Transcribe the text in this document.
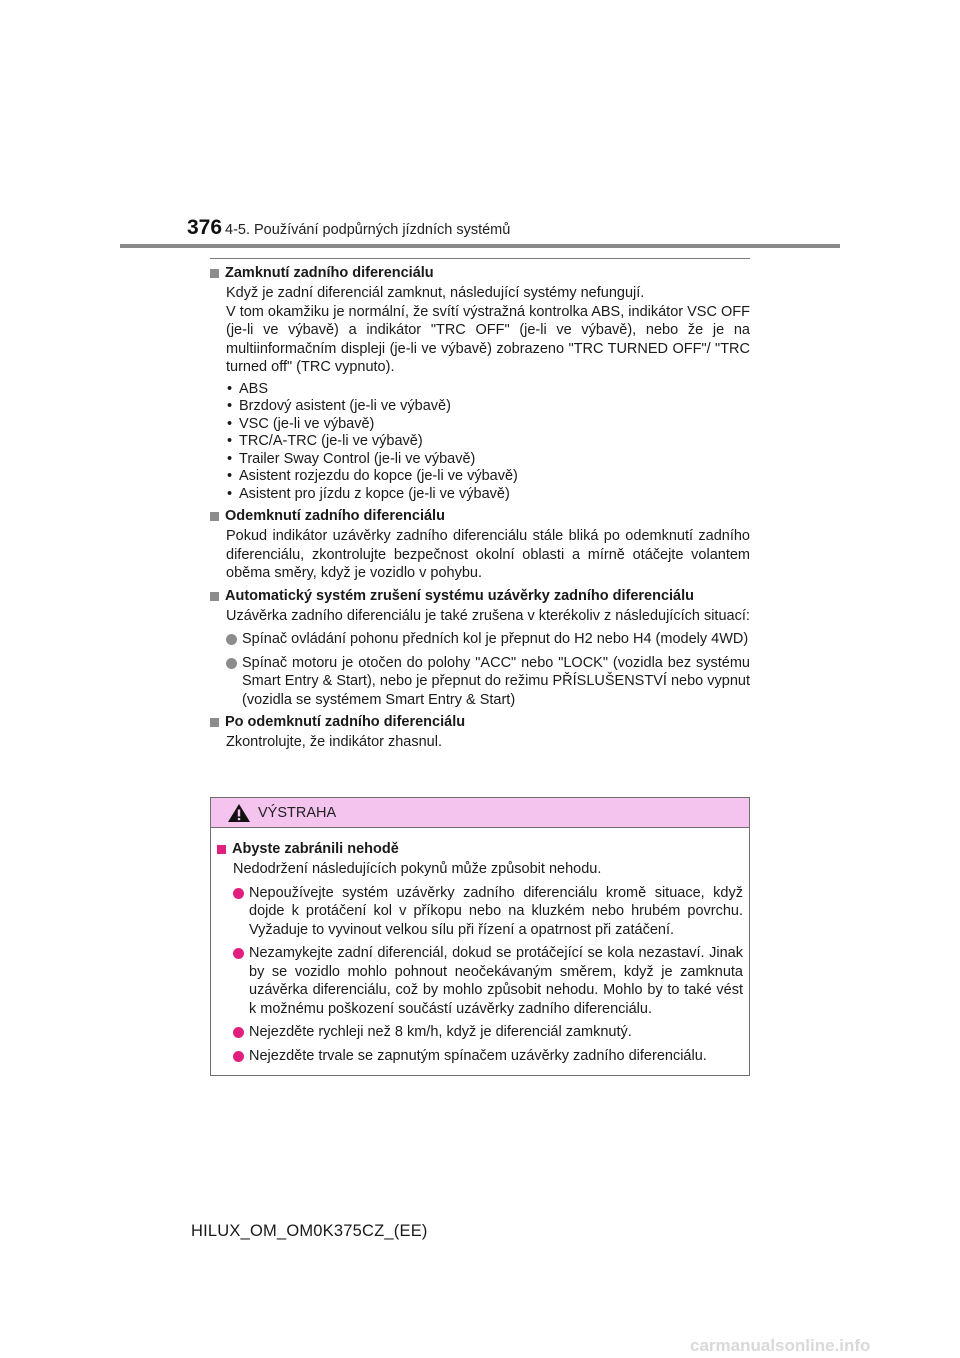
376 4-5. Používání podpůrných jízdních systémů
Zamknutí zadního diferenciálu
Když je zadní diferenciál zamknut, následující systémy nefungují.
V tom okamžiku je normální, že svítí výstražná kontrolka ABS, indikátor VSC OFF (je-li ve výbavě) a indikátor "TRC OFF" (je-li ve výbavě), nebo že je na multiinformačním displeji (je-li ve výbavě) zobrazeno "TRC TURNED OFF"/ "TRC turned off" (TRC vypnuto).
• ABS
• Brzdový asistent (je-li ve výbavě)
• VSC (je-li ve výbavě)
• TRC/A-TRC (je-li ve výbavě)
• Trailer Sway Control (je-li ve výbavě)
• Asistent rozjezdu do kopce (je-li ve výbavě)
• Asistent pro jízdu z kopce (je-li ve výbavě)
Odemknutí zadního diferenciálu
Pokud indikátor uzávěrky zadního diferenciálu stále bliká po odemknutí zadního diferenciálu, zkontrolujte bezpečnost okolní oblasti a mírně otáčejte volantem oběma směry, když je vozidlo v pohybu.
Automatický systém zrušení systému uzávěrky zadního diferenciálu
Uzávěrka zadního diferenciálu je také zrušena v kterékoliv z následujících situací:
Spínač ovládání pohonu předních kol je přepnut do H2 nebo H4 (modely 4WD)
Spínač motoru je otočen do polohy "ACC" nebo "LOCK" (vozidla bez systému Smart Entry & Start), nebo je přepnut do režimu PŘÍSLUŠENSTVÍ nebo vypnut (vozidla se systémem Smart Entry & Start)
Po odemknutí zadního diferenciálu
Zkontrolujte, že indikátor zhasnul.
VÝSTRAHA
Abyste zabránili nehodě
Nedodržení následujících pokynů může způsobit nehodu.
Nepoužívejte systém uzávěrky zadního diferenciálu kromě situace, když dojde k protáčení kol v příkopu nebo na kluzkém nebo hrubém povrchu. Vyžaduje to vyvinout velkou sílu při řízení a opatrnost při zatáčení.
Nezamykejte zadní diferenciál, dokud se protáčející se kola nezastaví. Jinak by se vozidlo mohlo pohnout neočekávaným směrem, když je zamknuta uzávěrka diferenciálu, což by mohlo způsobit nehodu. Mohlo by to také vést k možnému poškození součástí uzávěrky zadního diferenciálu.
Nejezděte rychleji než 8 km/h, když je diferenciál zamknutý.
Nejezděte trvale se zapnutým spínačem uzávěrky zadního diferenciálu.
HILUX_OM_OM0K375CZ_(EE)
carmanualsonline.info
